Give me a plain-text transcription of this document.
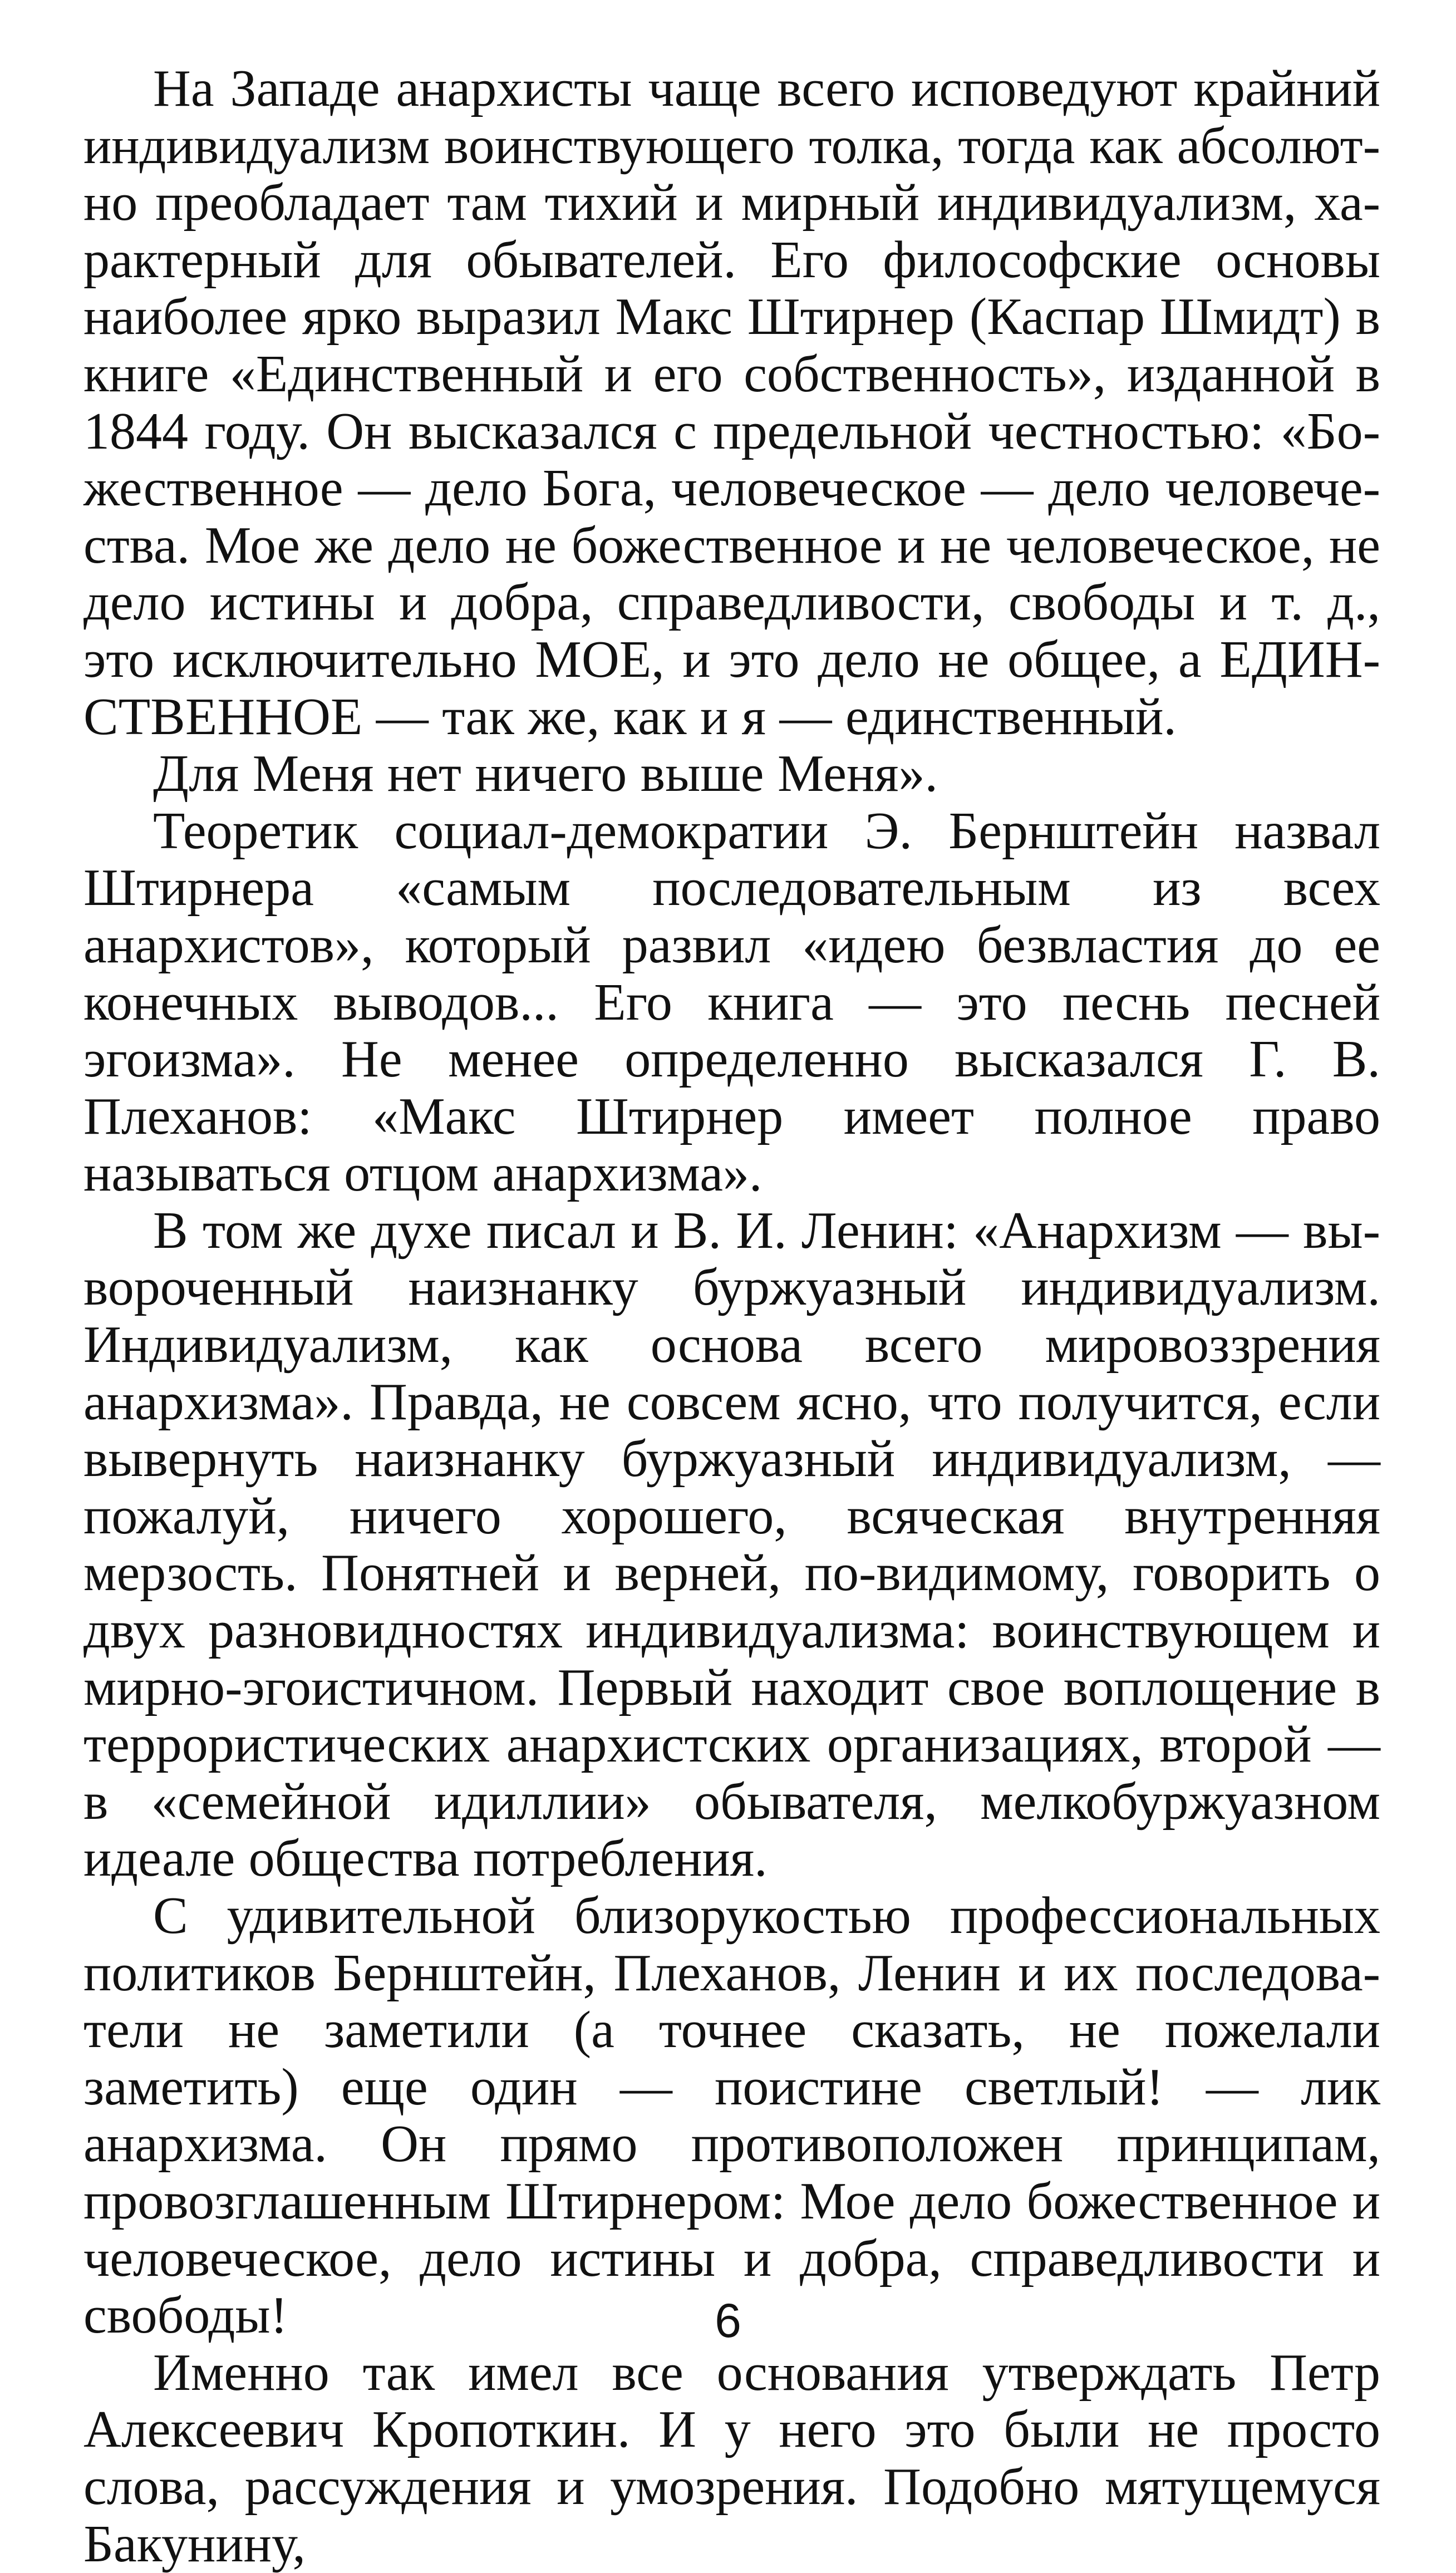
На Западе анархисты чаще всего исповедуют крайний индивидуализм воинствующего толка, тогда как абсолютно преобладает там тихий и мирный индивидуализм, характерный для обывателей. Его философские основы наиболее ярко выразил Макс Штирнер (Каспар Шмидт) в книге «Единственный и его собственность», изданной в 1844 году. Он высказался с предельной честностью: «Божественное — дело Бога, человеческое — дело человечества. Мое же дело не божественное и не человеческое, не дело истины и добра, справедливости, свободы и т. д., это исключительно МОЕ, и это дело не общее, а ЕДИНСТВЕННОЕ — так же, как и я — единственный.

Для Меня нет ничего выше Меня».

Теоретик социал-демократии Э. Бернштейн назвал Штирнера «самым последовательным из всех анархистов», который развил «идею безвластия до ее конечных выводов... Его книга — это песнь песней эгоизма». Не менее определенно высказался Г. В. Плеханов: «Макс Штирнер имеет полное право называться отцом анархизма».

В том же духе писал и В. И. Ленин: «Анархизм — вывороченный наизнанку буржуазный индивидуализм. Индивидуализм, как основа всего мировоззрения анархизма». Правда, не совсем ясно, что получится, если вывернуть наизнанку буржуазный индивидуализм, — пожалуй, ничего хорошего, всяческая внутренняя мерзость. Понятней и верней, по-видимому, говорить о двух разновидностях индивидуализма: воинствующем и мирно-эгоистичном. Первый находит свое воплощение в террористических анархистских организациях, второй — в «семейной идиллии» обывателя, мелкобуржуазном идеале общества потребления.

С удивительной близорукостью профессиональных политиков Бернштейн, Плеханов, Ленин и их последователи не заметили (а точнее сказать, не пожелали заметить) еще один — поистине светлый! — лик анархизма. Он прямо противоположен принципам, провозглашенным Штирнером: Мое дело божественное и человеческое, дело истины и добра, справедливости и свободы!

Именно так имел все основания утверждать Петр Алексеевич Кропоткин. И у него это были не просто слова, рассуждения и умозрения. Подобно мятущемуся Бакунину,

6
